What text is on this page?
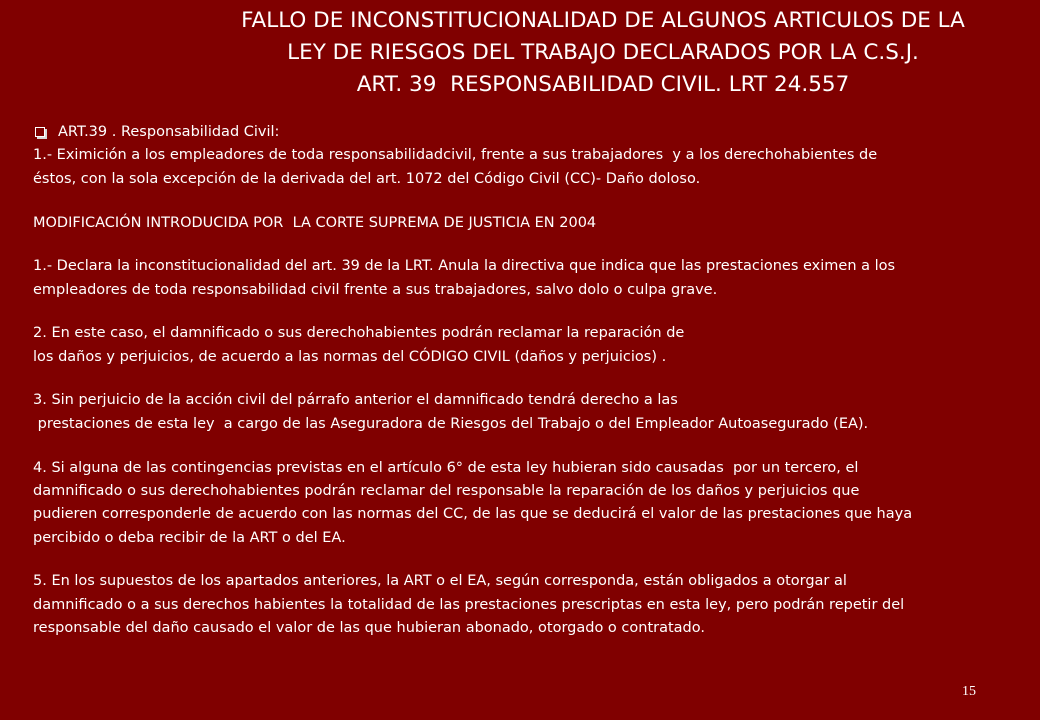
FALLO DE INCONSTITUCIONALIDAD DE ALGUNOS ARTICULOS DE LA
LEY DE RIESGOS DEL TRABAJO DECLARADOS POR LA C.S.J.
ART. 39  RESPONSABILIDAD CIVIL. LRT 24.557
ART.39 . Responsabilidad Civil:
1.- Eximición a los empleadores de toda responsabilidadcivil, frente a sus trabajadores  y a los derechohabientes de
éstos, con la sola excepción de la derivada del art. 1072 del Código Civil (CC)- Daño doloso.
MODIFICACIÓN INTRODUCIDA POR  LA CORTE SUPREMA DE JUSTICIA EN 2004
1.- Declara la inconstitucionalidad del art. 39 de la LRT. Anula la directiva que indica que las prestaciones eximen a los
empleadores de toda responsabilidad civil frente a sus trabajadores, salvo dolo o culpa grave.
2. En este caso, el damnificado o sus derechohabientes podrán reclamar la reparación de
los daños y perjuicios, de acuerdo a las normas del CÓDIGO CIVIL (daños y perjuicios) .
3. Sin perjuicio de la acción civil del párrafo anterior el damnificado tendrá derecho a las
prestaciones de esta ley  a cargo de las Aseguradora de Riesgos del Trabajo o del Empleador Autoasegurado (EA).
4. Si alguna de las contingencias previstas en el artículo 6° de esta ley hubieran sido causadas  por un tercero, el
damnificado o sus derechohabientes podrán reclamar del responsable la reparación de los daños y perjuicios que
pudieren corresponderle de acuerdo con las normas del CC, de las que se deducirá el valor de las prestaciones que haya
percibido o deba recibir de la ART o del EA.
5. En los supuestos de los apartados anteriores, la ART o el EA, según corresponda, están obligados a otorgar al
damnificado o a sus derechos habientes la totalidad de las prestaciones prescriptas en esta ley, pero podrán repetir del
responsable del daño causado el valor de las que hubieran abonado, otorgado o contratado.
15
